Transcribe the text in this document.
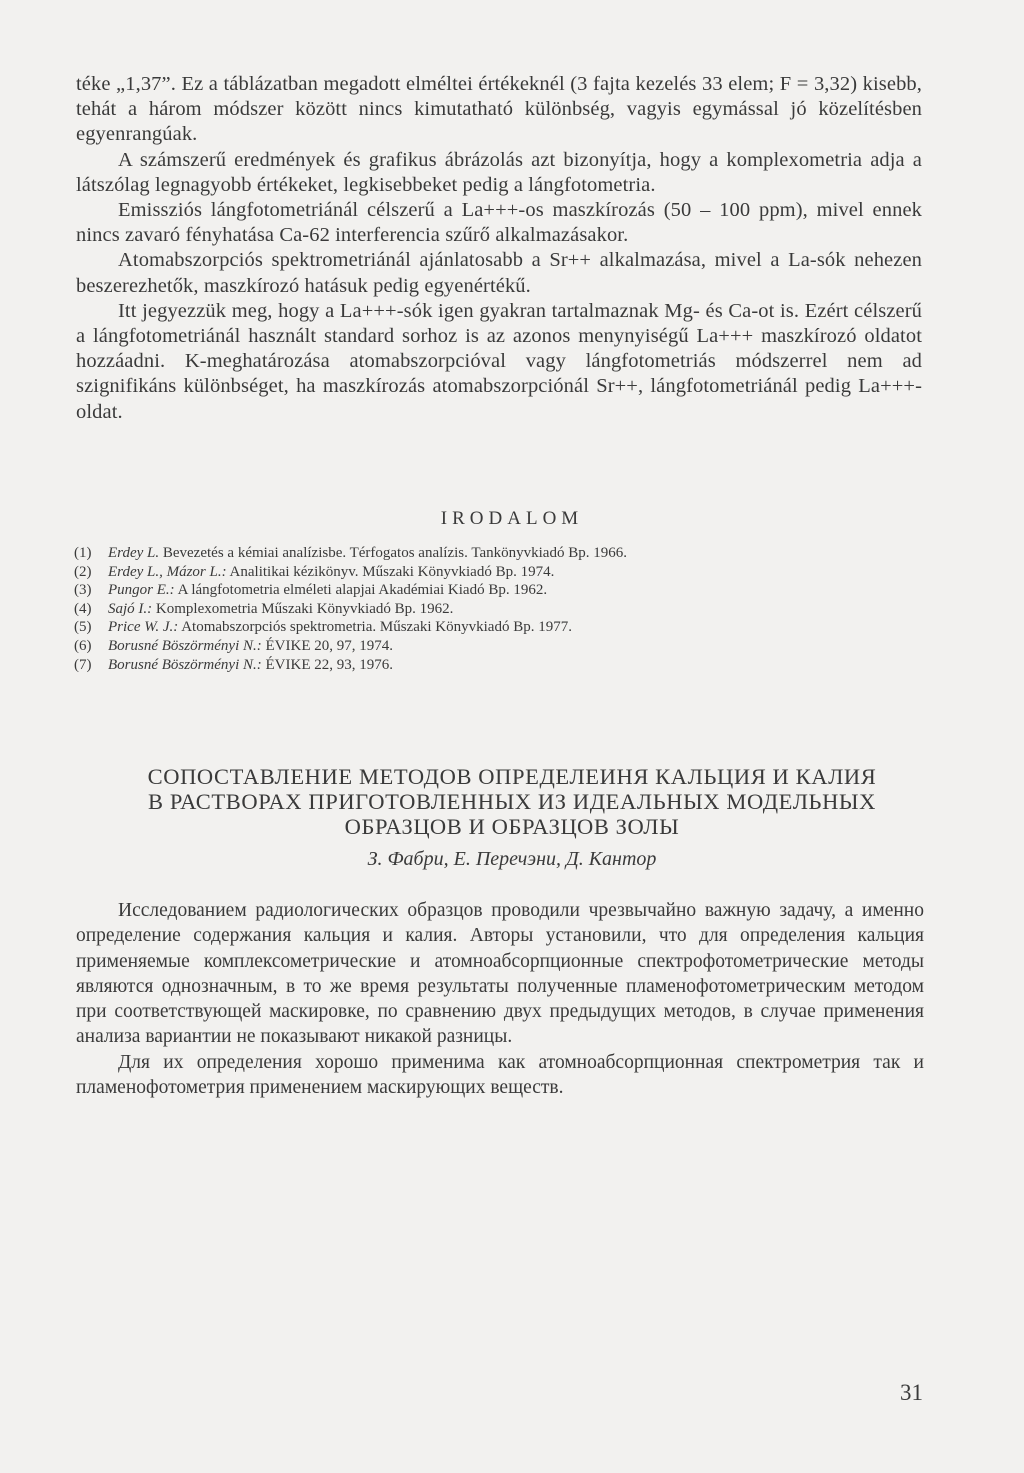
téke „1,37”. Ez a táblázatban megadott elméltei értékeknél (3 fajta kezelés 33 elem; F = 3,32) kisebb, tehát a három módszer között nincs kimutatható különbség, vagyis egymással jó közelítésben egyenrangúak.

A számszerű eredmények és grafikus ábrázolás azt bizonyítja, hogy a komplexometria adja a látszólag legnagyobb értékeket, legkisebbeket pedig a lángfotometria.

Emissziós lángfotometriánál célszerű a La+++-os maszkírozás (50 – 100 ppm), mivel ennek nincs zavaró fényhatása Ca-62 interferencia szűrő alkalmazásakor.

Atomabszorpciós spektrometriánál ajánlatosabb a Sr++ alkalmazása, mivel a La-sók nehezen beszerezhetők, maszkírozó hatásuk pedig egyenértékű.

Itt jegyezzük meg, hogy a La+++-sók igen gyakran tartalmaznak Mg- és Ca-ot is. Ezért célszerű a lángfotometriánál használt standard sorhoz is az azonos menynyiségű La+++ maszkírozó oldatot hozzáadni. K-meghatározása atomabszorpcióval vagy lángfotometriás módszerrel nem ad szignifikáns különbséget, ha maszkírozás atomabszorpciónál Sr++, lángfotometriánál pedig La+++-oldat.

IRODALOM
(1) Erdey L. Bevezetés a kémiai analízisbe. Térfogatos analízis. Tankönyvkiadó Bp. 1966.
(2) Erdey L., Mázor L.: Analitikai kézikönyv. Műszaki Könyvkiadó Bp. 1974.
(3) Pungor E.: A lángfotometria elméleti alapjai Akadémiai Kiadó Bp. 1962.
(4) Sajó I.: Komplexometria Műszaki Könyvkiadó Bp. 1962.
(5) Price W. J.: Atomabszorpciós spektrometria. Műszaki Könyvkiadó Bp. 1977.
(6) Borusné Böszörményi N.: ÉVIKE 20, 97, 1974.
(7) Borusné Böszörményi N.: ÉVIKE 22, 93, 1976.
СОПОСТАВЛЕНИЕ МЕТОДОВ ОПРЕДЕЛЕИНЯ КАЛЬЦИЯ И КАЛИЯ
В РАСТВОРАХ ПРИГОТОВЛЕННЫХ ИЗ ИДЕАЛЬНЫХ МОДЕЛЬНЫХ
ОБРАЗЦОВ И ОБРАЗЦОВ ЗОЛЫ
З. Фабри, Е. Перечэни, Д. Кантор

Исследованием радиологических образцов проводили чрезвычайно важную задачу, а именно определение содержания кальция и калия. Авторы установили, что для определения кальция применяемые комплексометрические и атомноабсорпционные спектрофотометрические методы являются однозначным, в то же время результаты полученные пламенофотометрическим методом при соответствующей маскировке, по сравнению двух предыдущих методов, в случае применения анализа вариантии не показывают никакой разницы.

Для их определения хорошо применима как атомноабсорпционная спектрометрия так и пламенофотометрия применением маскирующих веществ.

31
